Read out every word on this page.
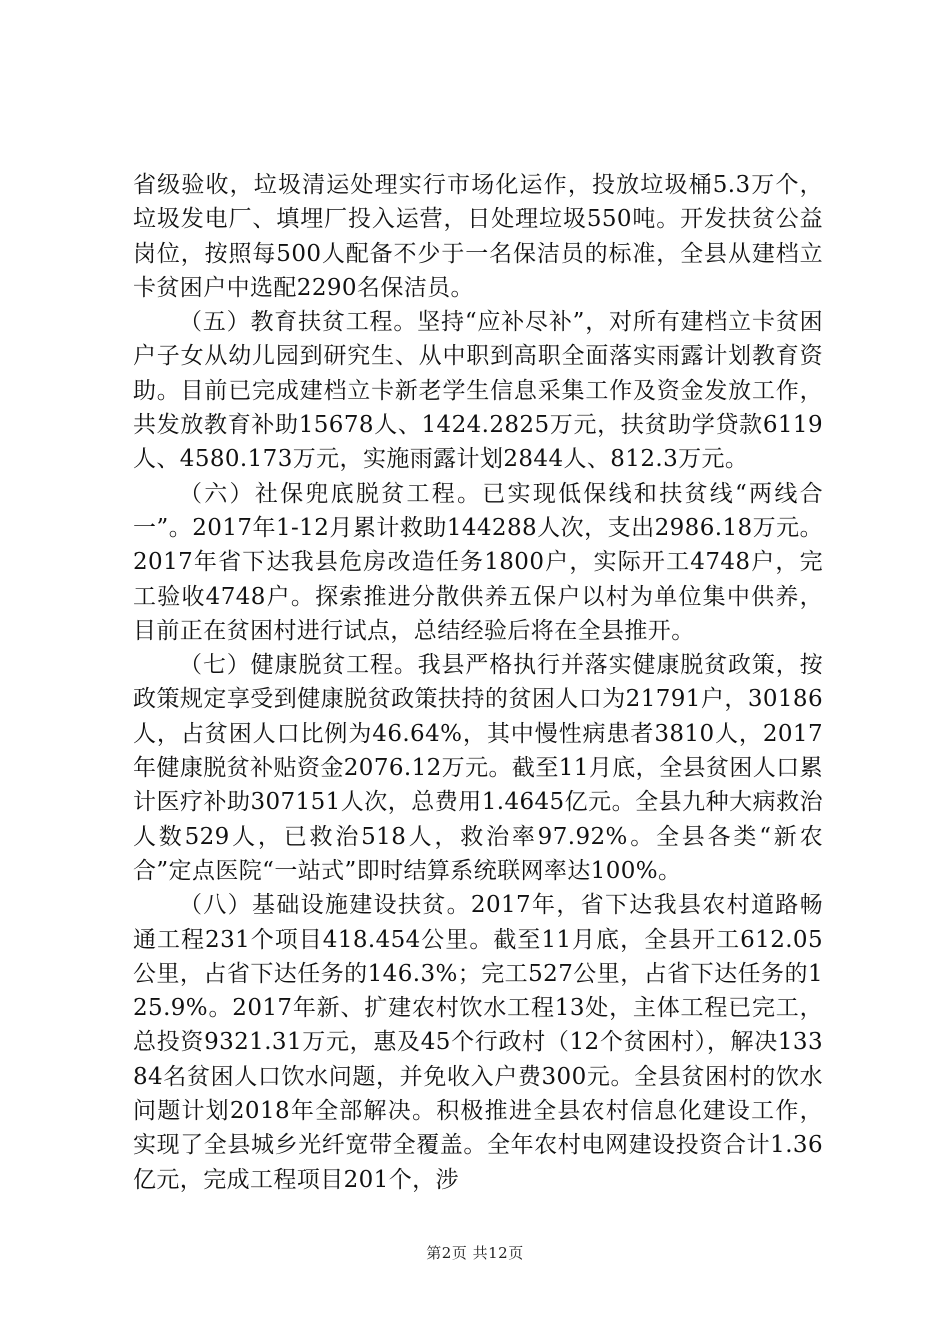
省级验收，垃圾清运处理实行市场化运作，投放垃圾桶5.3万个，垃圾发电厂、填埋厂投入运营，日处理垃圾550吨。开发扶贫公益岗位，按照每500人配备不少于一名保洁员的标准，全县从建档立卡贫困户中选配2290名保洁员。

（五）教育扶贫工程。坚持“应补尽补”，对所有建档立卡贫困户子女从幼儿园到研究生、从中职到高职全面落实雨露计划教育资助。目前已完成建档立卡新老学生信息采集工作及资金发放工作，共发放教育补助15678人、1424.2825万元，扶贫助学贷款6119人、4580.173万元，实施雨露计划2844人、812.3万元。

（六）社保兜底脱贫工程。已实现低保线和扶贫线“两线合一”。2017年1-12月累计救助144288人次，支出2986.18万元。2017年省下达我县危房改造任务1800户，实际开工4748户，完工验收4748户。探索推进分散供养五保户以村为单位集中供养，目前正在贫困村进行试点，总结经验后将在全县推开。

（七）健康脱贫工程。我县严格执行并落实健康脱贫政策，按政策规定享受到健康脱贫政策扶持的贫困人口为21791户，30186人，占贫困人口比例为46.64%，其中慢性病患者3810人，2017年健康脱贫补贴资金2076.12万元。截至11月底，全县贫困人口累计医疗补助307151人次，总费用1.4645亿元。全县九种大病救治人数529人，已救治518人，救治率97.92%。全县各类“新农合”定点医院“一站式”即时结算系统联网率达100%。

（八）基础设施建设扶贫。2017年，省下达我县农村道路畅通工程231个项目418.454公里。截至11月底，全县开工612.05公里，占省下达任务的146.3%；完工527公里，占省下达任务的125.9%。2017年新、扩建农村饮水工程13处，主体工程已完工，总投资9321.31万元，惠及45个行政村（12个贫困村），解决13384名贫困人口饮水问题，并免收入户费300元。全县贫困村的饮水问题计划2018年全部解决。积极推进全县农村信息化建设工作，实现了全县城乡光纤宽带全覆盖。全年农村电网建设投资合计1.36亿元，完成工程项目201个，涉

第2页 共12页
